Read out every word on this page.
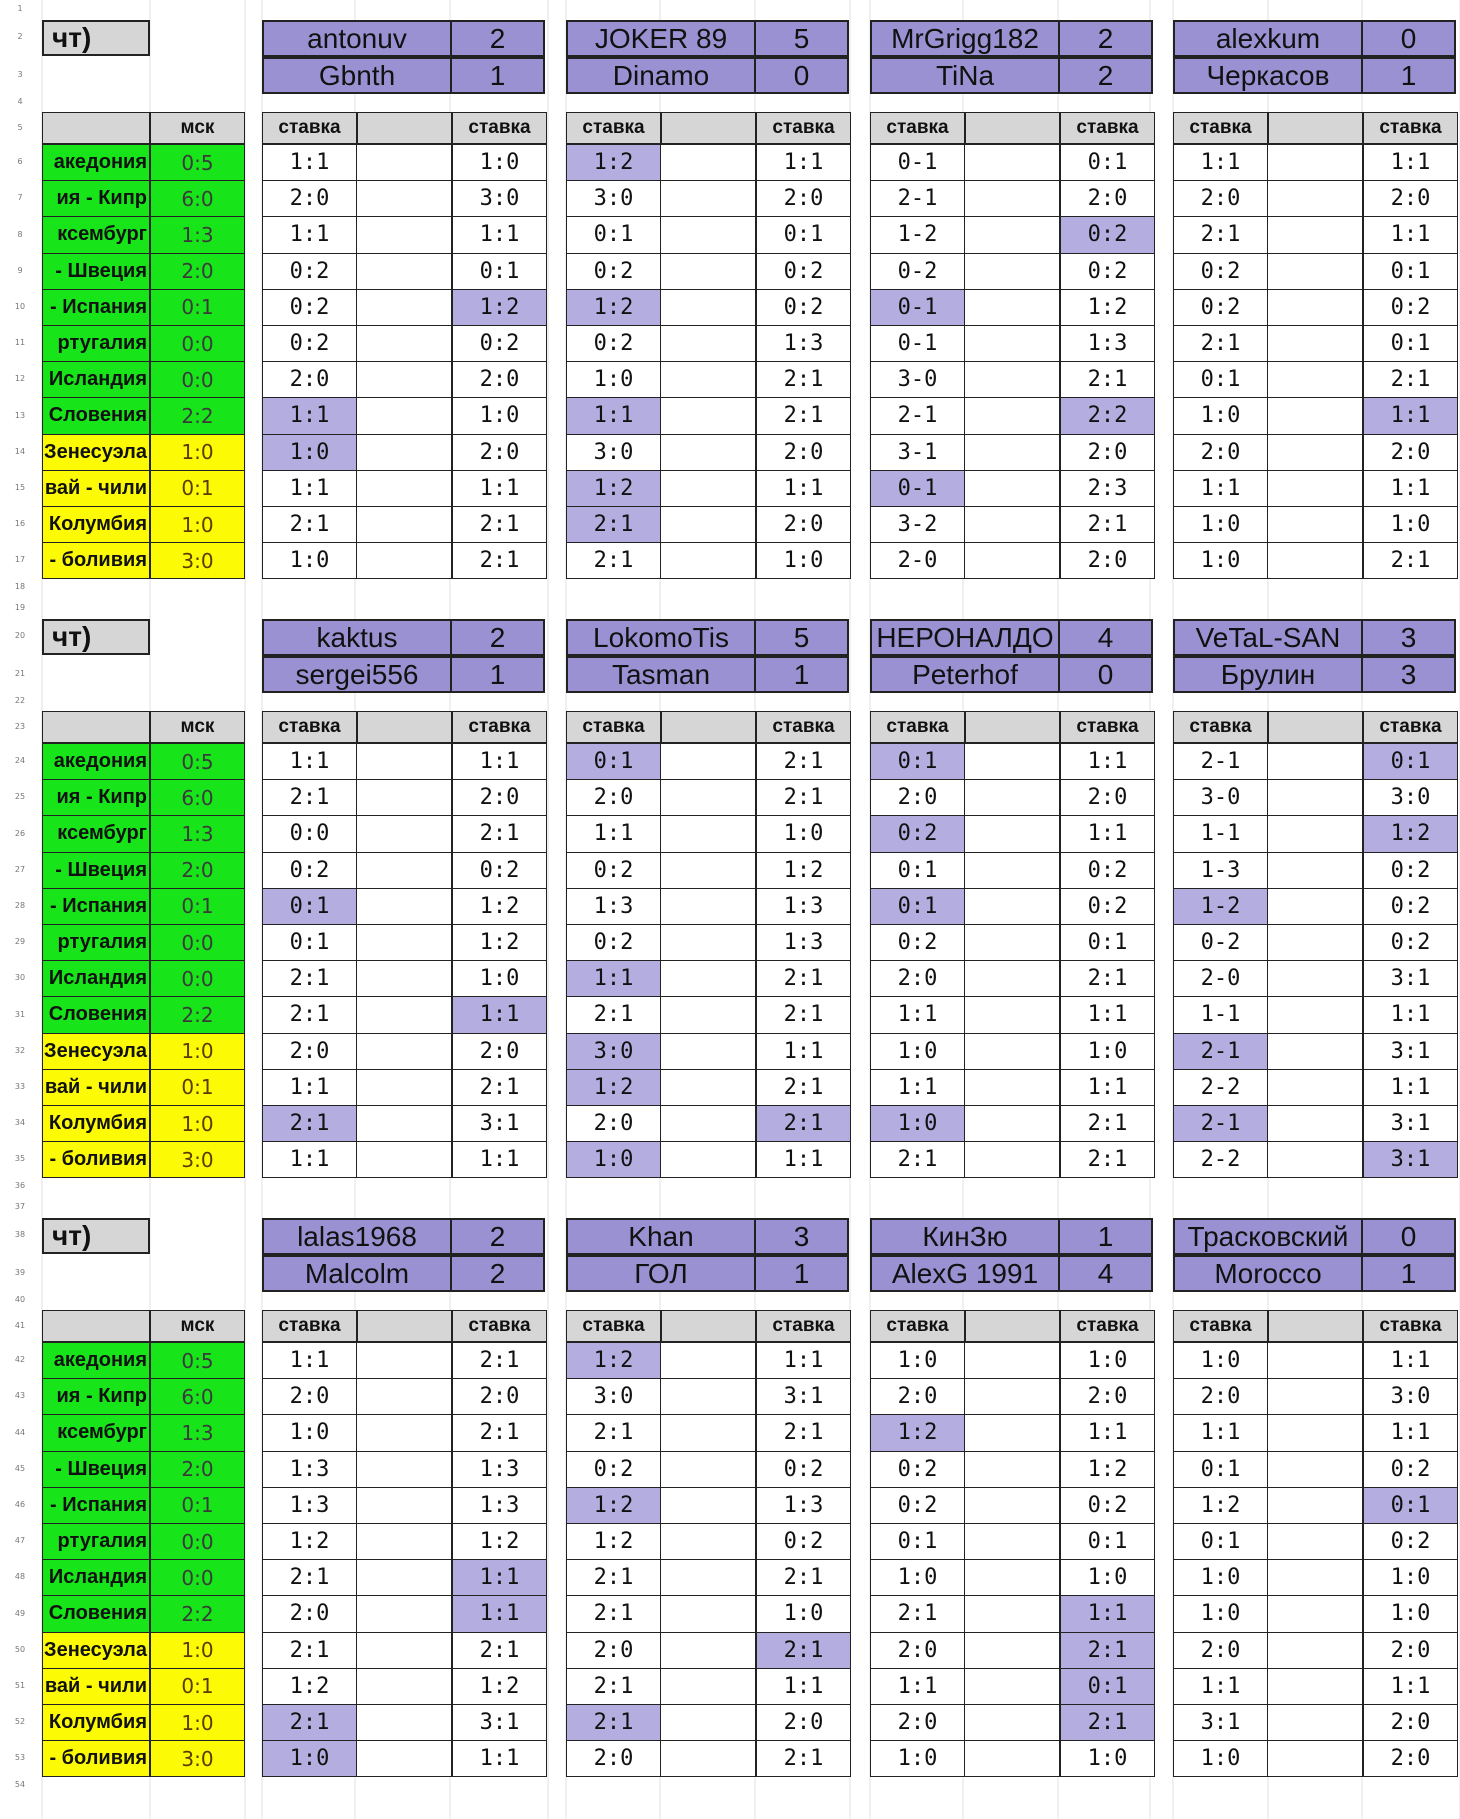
1
2
3
4
5
6
7
8
9
10
11
12
13
14
15
16
17
18
19
20
21
22
23
24
25
26
27
28
29
30
31
32
33
34
35
36
37
38
39
40
41
42
43
44
45
46
47
48
49
50
51
52
53
54
чт)
мск
акедония	0:5
ия - Кипр	6:0
ксембург	1:3
- Швеция	2:0
- Испания	0:1
ртугалия	0:0
Исландия	0:0
Словения	2:2
Зенесуэла	1:0
вай - чили	0:1
Колумбия	1:0
- боливия	3:0
antonuv	2
Gbnth	1
ставка	ставка
1:1	1:0
2:0	3:0
1:1	1:1
0:2	0:1
0:2	1:2
0:2	0:2
2:0	2:0
1:1	1:0
1:0	2:0
1:1	1:1
2:1	2:1
1:0	2:1
JOKER 89	5
Dinamo	0
ставка	ставка
1:2	1:1
3:0	2:0
0:1	0:1
0:2	0:2
1:2	0:2
0:2	1:3
1:0	2:1
1:1	2:1
3:0	2:0
1:2	1:1
2:1	2:0
2:1	1:0
MrGrigg182	2
TiNa	2
ставка	ставка
0-1	0:1
2-1	2:0
1-2	0:2
0-2	0:2
0-1	1:2
0-1	1:3
3-0	2:1
2-1	2:2
3-1	2:0
0-1	2:3
3-2	2:1
2-0	2:0
alexkum	0
Черкасов	1
ставка	ставка
1:1	1:1
2:0	2:0
2:1	1:1
0:2	0:1
0:2	0:2
2:1	0:1
0:1	2:1
1:0	1:1
2:0	2:0
1:1	1:1
1:0	1:0
1:0	2:1
чт)
мск
акедония	0:5
ия - Кипр	6:0
ксембург	1:3
- Швеция	2:0
- Испания	0:1
ртугалия	0:0
Исландия	0:0
Словения	2:2
Зенесуэла	1:0
вай - чили	0:1
Колумбия	1:0
- боливия	3:0
kaktus	2
sergei556	1
ставка	ставка
1:1	1:1
2:1	2:0
0:0	2:1
0:2	0:2
0:1	1:2
0:1	1:2
2:1	1:0
2:1	1:1
2:0	2:0
1:1	2:1
2:1	3:1
1:1	1:1
LokomoTis	5
Tasman	1
ставка	ставка
0:1	2:1
2:0	2:1
1:1	1:0
0:2	1:2
1:3	1:3
0:2	1:3
1:1	2:1
2:1	2:1
3:0	1:1
1:2	2:1
2:0	2:1
1:0	1:1
НЕРОНАЛДО	4
Peterhof	0
ставка	ставка
0:1	1:1
2:0	2:0
0:2	1:1
0:1	0:2
0:1	0:2
0:2	0:1
2:0	2:1
1:1	1:1
1:0	1:0
1:1	1:1
1:0	2:1
2:1	2:1
VeTaL-SAN	3
Брулин	3
ставка	ставка
2-1	0:1
3-0	3:0
1-1	1:2
1-3	0:2
1-2	0:2
0-2	0:2
2-0	3:1
1-1	1:1
2-1	3:1
2-2	1:1
2-1	3:1
2-2	3:1
чт)
мск
акедония	0:5
ия - Кипр	6:0
ксембург	1:3
- Швеция	2:0
- Испания	0:1
ртугалия	0:0
Исландия	0:0
Словения	2:2
Зенесуэла	1:0
вай - чили	0:1
Колумбия	1:0
- боливия	3:0
lalas1968	2
Malcolm	2
ставка	ставка
1:1	2:1
2:0	2:0
1:0	2:1
1:3	1:3
1:3	1:3
1:2	1:2
2:1	1:1
2:0	1:1
2:1	2:1
1:2	1:2
2:1	3:1
1:0	1:1
Khan	3
ГОЛ	1
ставка	ставка
1:2	1:1
3:0	3:1
2:1	2:1
0:2	0:2
1:2	1:3
1:2	0:2
2:1	2:1
2:1	1:0
2:0	2:1
2:1	1:1
2:1	2:0
2:0	2:1
КинЗю	1
AlexG 1991	4
ставка	ставка
1:0	1:0
2:0	2:0
1:2	1:1
0:2	1:2
0:2	0:2
0:1	0:1
1:0	1:0
2:1	1:1
2:0	2:1
1:1	0:1
2:0	2:1
1:0	1:0
Трасковский	0
Morocco	1
ставка	ставка
1:0	1:1
2:0	3:0
1:1	1:1
0:1	0:2
1:2	0:1
0:1	0:2
1:0	1:0
1:0	1:0
2:0	2:0
1:1	1:1
3:1	2:0
1:0	2:0
